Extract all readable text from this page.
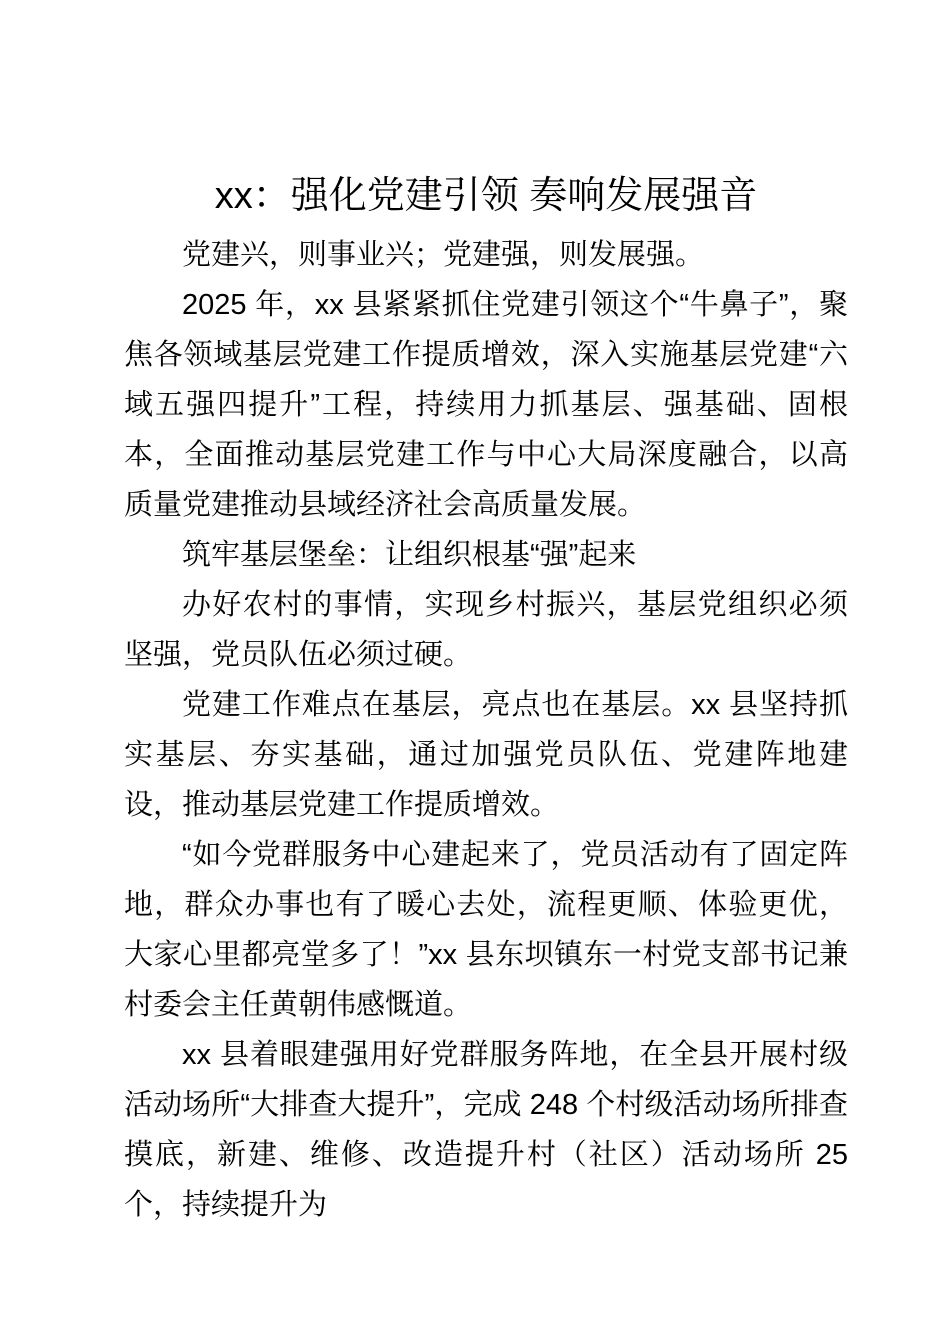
xx：强化党建引领 奏响发展强音

党建兴，则事业兴；党建强，则发展强。

2025 年，xx 县紧紧抓住党建引领这个“牛鼻子”，聚焦各领域基层党建工作提质增效，深入实施基层党建“六域五强四提升”工程，持续用力抓基层、强基础、固根本，全面推动基层党建工作与中心大局深度融合，以高质量党建推动县域经济社会高质量发展。

筑牢基层堡垒：让组织根基“强”起来

办好农村的事情，实现乡村振兴，基层党组织必须坚强，党员队伍必须过硬。

党建工作难点在基层，亮点也在基层。xx 县坚持抓实基层、夯实基础，通过加强党员队伍、党建阵地建设，推动基层党建工作提质增效。

“如今党群服务中心建起来了，党员活动有了固定阵地，群众办事也有了暖心去处，流程更顺、体验更优，大家心里都亮堂多了！”xx 县东坝镇东一村党支部书记兼村委会主任黄朝伟感慨道。

xx 县着眼建强用好党群服务阵地，在全县开展村级活动场所“大排查大提升”，完成 248 个村级活动场所排查摸底，新建、维修、改造提升村（社区）活动场所 25 个，持续提升为
